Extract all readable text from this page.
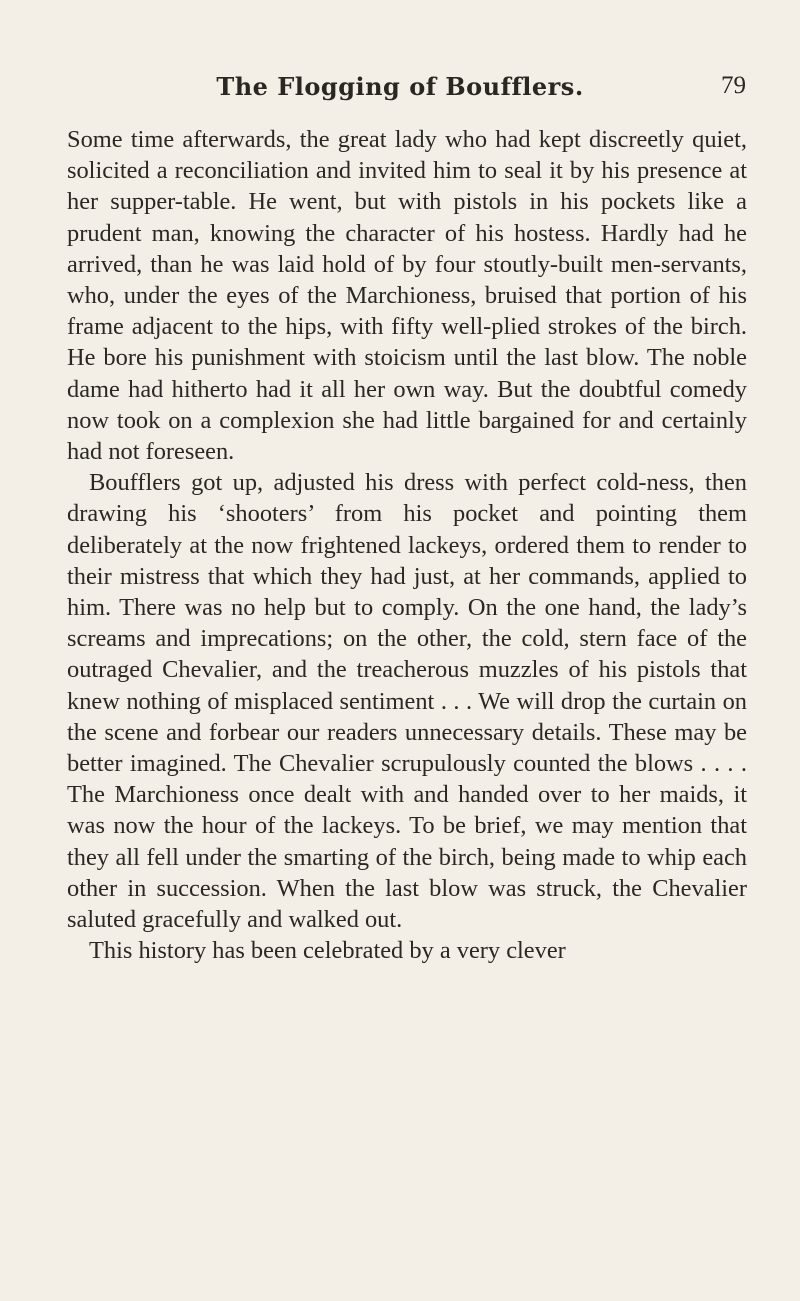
The Flogging of Boufflers.	79

Some time afterwards, the great lady who had kept discreetly quiet, solicited a reconciliation and invited him to seal it by his presence at her supper-table. He went, but with pistols in his pockets like a prudent man, knowing the character of his hostess. Hardly had he arrived, than he was laid hold of by four stoutly-built men-servants, who, under the eyes of the Marchioness, bruised that portion of his frame adjacent to the hips, with fifty well-plied strokes of the birch. He bore his punishment with stoicism until the last blow. The noble dame had hitherto had it all her own way. But the doubtful comedy now took on a complexion she had little bargained for and certainly had not foreseen.

Boufflers got up, adjusted his dress with perfect cold-ness, then drawing his ‘shooters’ from his pocket and pointing them deliberately at the now frightened lackeys, ordered them to render to their mistress that which they had just, at her commands, applied to him. There was no help but to comply. On the one hand, the lady’s screams and imprecations; on the other, the cold, stern face of the outraged Chevalier, and the treacherous muzzles of his pistols that knew nothing of misplaced sentiment . . . We will drop the curtain on the scene and forbear our readers unnecessary details. These may be better imagined. The Chevalier scrupulously counted the blows . . . . The Marchioness once dealt with and handed over to her maids, it was now the hour of the lackeys. To be brief, we may mention that they all fell under the smarting of the birch, being made to whip each other in succession. When the last blow was struck, the Chevalier saluted gracefully and walked out.

This history has been celebrated by a very clever
